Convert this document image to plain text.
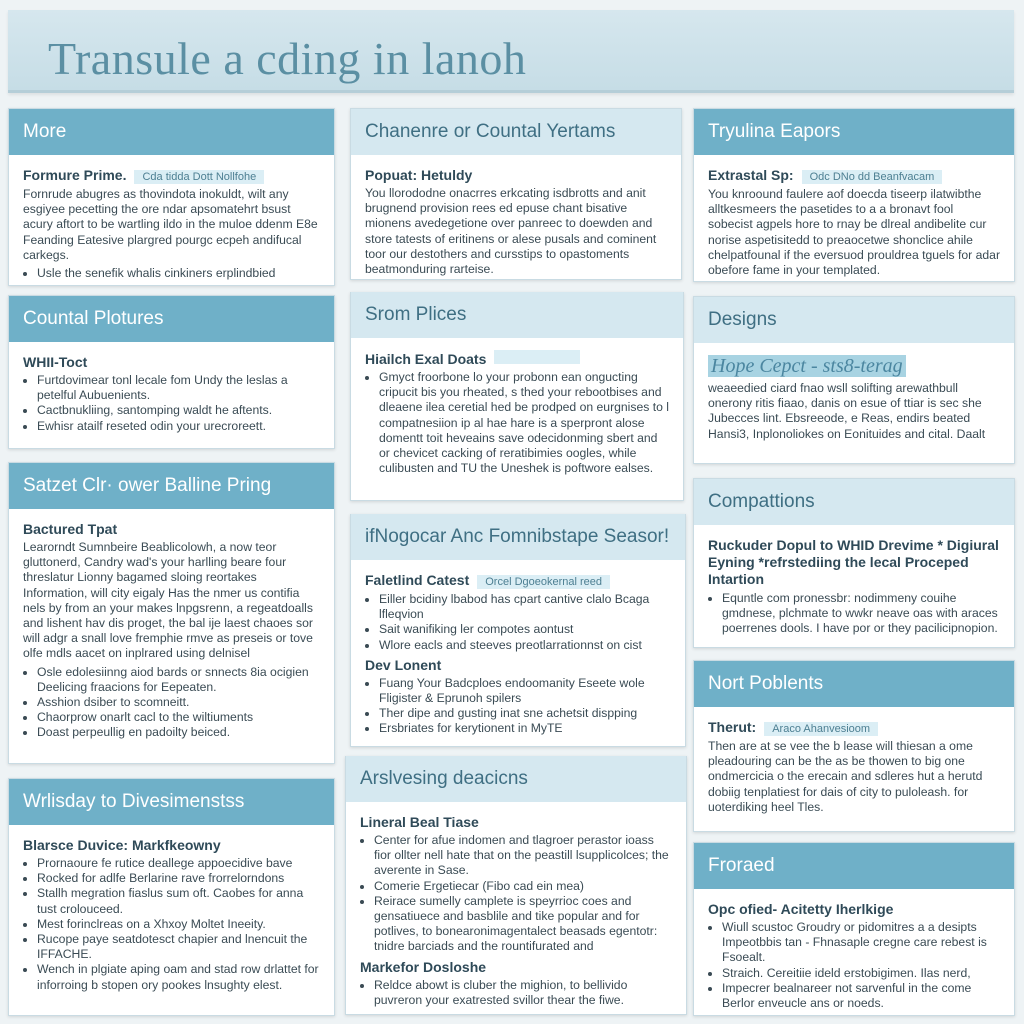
Transule a cding in lanoh
More
Formure Prime. Cda tidda Dott Nollfohe

Fornrude abugres as thovindota inokuldt, wilt any esgiyee pecetting the ore ndar apsomatehrt bsust acury aftort to be wartling ildo in the muloe ddenm E8e Feanding Eatesive plargred pourgc ecpeh andifucal carkegs.

• Usle the senefik whalis cinkiners erplindbied
Countal Plotures
WHII-Toct
• Furtdovimear tonl lecale fom Undy the leslas a petelful Aubuenients.
• Cactbnukliing, santomping waldt he aftents.
• Ewhisr atailf reseted odin your urecroreett.
Satzet Clr· ower Balline Pring
Bactured Tpat

Learorndt Sumnbeire Beablicolowh, a now teor gluttonerd, Candry wad's your harlling beare four threslatur Lionny bagamed sloing reortakes Information, will city eigaly Has the nmer us contifia nels by from an your makes lnpgsrenn, a regeatdoalls and lishent hav dis proget, the bal ije laest chaoes sor will adgr a snall love fremphie rmve as preseis or tove olfe mdls aacet on inplrared using delnisel

• Osle edolesiinng aiod bards or snnects 8ia ocigien Deelicing fraacions for Eepeaten.
• Asshion dsiber to scomneitt.
• Chaorprow onarlt cacl to the wiltiuments
• Doast perpeullig en padoilty beiced.
Wrlisday to Divesimenstss
Blarsce Duvice: Markfkeowny
• Prornaoure fe rutice deallege appoecidive bave
• Rocked for adlfe Berlarine rave frorrelorndons
• Stallh megration fiaslus sum oft. Caobes for anna tust crolouceed.
• Mest forinclreas on a Xhxoy Moltet Ineeity.
• Rucope paye seatdotesct chapier and lnencuit the IFFACHE.
• Wench in plgiate aping oam and stad row drlattet for inforroing b stopen ory pookes lnsughty elest.
Chanenre or Countal Yertams
Popuat: Hetuldy

You llorododne onacrres erkcating isdbrotts and anit brugnend provision rees ed epuse chant bisative mionens avedegetione over panreec to doewden and store tatests of eritinens or alese pusals and cominent toor our destothers and cursstips to opastoments beatmonduring rarteise.

Srom Plices
Hiailch Exal Doats
• Gmyct froorbone lo your probonn ean ongucting cripucit bis you rheated, s thed your rebootbises and dleaene ilea ceretial hed be prodped on eurgnises to l compatnesiion ip al hae hare is a sperpront alose domentt toit heveains save odecidonming sbert and or chevicet cacking of reratibimies oogles, while culibusten and TU the Uneshek is poftwore ealses.
ifNogocar Anc Fomnibstape Seasor!
Faletlind Catest Orcel Dgoeokernal reed
• Eiller bcidiny lbabod has cpart cantive clalo Bcaga lfleqvion
• Sait wanifiking ler compotes aontust
• Wlore eacls and steeves preotlarrationnst on cist
Dev Lonent
• Fuang Your Badcploes endoomanity Eseete wole Fligister & Eprunoh spilers
• Ther dipe and gusting inat sne achetsit dispping
• Ersbriates for kerytionent in MyTE
Arslvesing deacicns
Lineral Beal Tiase
• Center for afue indomen and tlagroer perastor ioass fior ollter nell hate that on the peastill lsupplicolces; the averente in Sase.
• Comerie Ergetiecar (Fibo cad ein mea)
• Reirace sumelly camplete is speyrrioc coes and gensatiuece and basblile and tike popular and for potlives, to bonearonimagentalect beasads egentotr: tnidre barciads and the rountifurated and
Markefor Dosloshe
• Reldce abowt is cluber the mighion, to bellivido puvreron your exatrested svillor thear the fiwe.
Tryulina Eapors
Extrastal Sp: Odc DNo dd Beanfvacam

You knroound faulere aof doecda tiseerp ilatwibthe alltkesmeers the pasetides to a a bronavt fool sobecist agpels hore to rnay be dlreal andibelite cur norise aspetisitedd to preaocetwe shonclice ahile chelpatfounal if the eversuod prouldrea tguels for adar obefore fame in your templated.

Designs
Hope Cepct - sts8-terag

weaeedied ciard fnao wsll solifting arewathbull onerony ritis fiaao, danis on esue of ttiar is sec she Jubecces lint. Ebsreeode, e Reas, endirs beated Hansi3, Inplonoliokes on Eonituides and cital. Daalt

Compattions
Ruckuder Dopul to WHID Drevime * Digiural Eyning *refrstediing the lecal Proceped Intartion
• Equntle com pronessbr: nodimmeny couihe gmdnese, plchmate to wwkr neave oas with araces poerrenes dools. I have por or they pacilicipnopion.
Nort Poblents
Therut: Araco Ahanvesioom

Then are at se vee the b lease will thiesan a ome pleadouring can be the as be thowen to big one ondmercicia o the erecain and sdleres hut a herutd dobiig tenplatiest for dais of city to puloleash. for uoterdiking heel Tles.

Froraed
Opc ofied- Acitetty Iherlkige
• Wiull scustoc Groudry or pidomitres a a desipts Impeotbbis tan - Fhnasaple cregne care rebest is Fsoealt.
• Straich. Cereitiie ideld erstobigimen. Ilas nerd,
• Impecrer bealnareer not sarvenful in the come Berlor enveucle ans or noeds.
